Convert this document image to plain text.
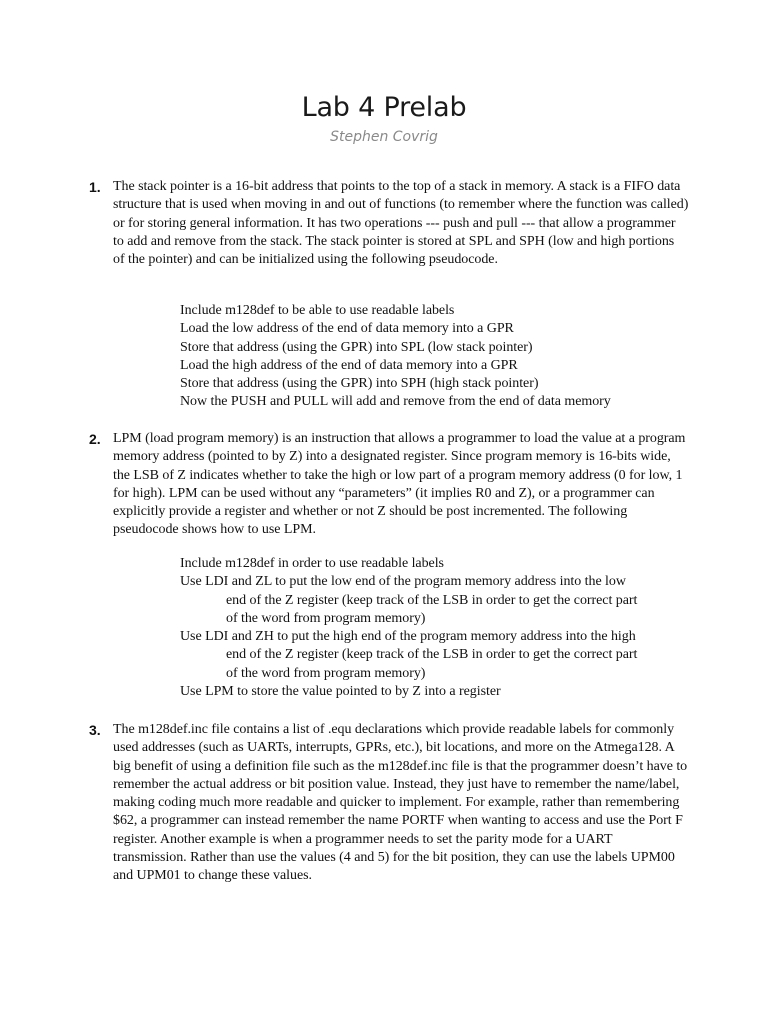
Lab 4 Prelab
Stephen Covrig
1. The stack pointer is a 16-bit address that points to the top of a stack in memory. A stack is a FIFO data structure that is used when moving in and out of functions (to remember where the function was called) or for storing general information. It has two operations --- push and pull --- that allow a programmer to add and remove from the stack. The stack pointer is stored at SPL and SPH (low and high portions of the pointer) and can be initialized using the following pseudocode.

Include m128def to be able to use readable labels
Load the low address of the end of data memory into a GPR
Store that address (using the GPR) into SPL (low stack pointer)
Load the high address of the end of data memory into a GPR
Store that address (using the GPR) into SPH (high stack pointer)
Now the PUSH and PULL will add and remove from the end of data memory
2. LPM (load program memory) is an instruction that allows a programmer to load the value at a program memory address (pointed to by Z) into a designated register. Since program memory is 16-bits wide, the LSB of Z indicates whether to take the high or low part of a program memory address (0 for low, 1 for high). LPM can be used without any “parameters” (it implies R0 and Z), or a programmer can explicitly provide a register and whether or not Z should be post incremented. The following pseudocode shows how to use LPM.

Include m128def in order to use readable labels
Use LDI and ZL to put the low end of the program memory address into the low
end of the Z register (keep track of the LSB in order to get the correct part
of the word from program memory)
Use LDI and ZH to put the high end of the program memory address into the high
end of the Z register (keep track of the LSB in order to get the correct part
of the word from program memory)
Use LPM to store the value pointed to by Z into a register
3. The m128def.inc file contains a list of .equ declarations which provide readable labels for commonly used addresses (such as UARTs, interrupts, GPRs, etc.), bit locations, and more on the Atmega128. A big benefit of using a definition file such as the m128def.inc file is that the programmer doesn’t have to remember the actual address or bit position value. Instead, they just have to remember the name/label, making coding much more readable and quicker to implement. For example, rather than remembering $62, a programmer can instead remember the name PORTF when wanting to access and use the Port F register. Another example is when a programmer needs to set the parity mode for a UART transmission. Rather than use the values (4 and 5) for the bit position, they can use the labels UPM00 and UPM01 to change these values.
